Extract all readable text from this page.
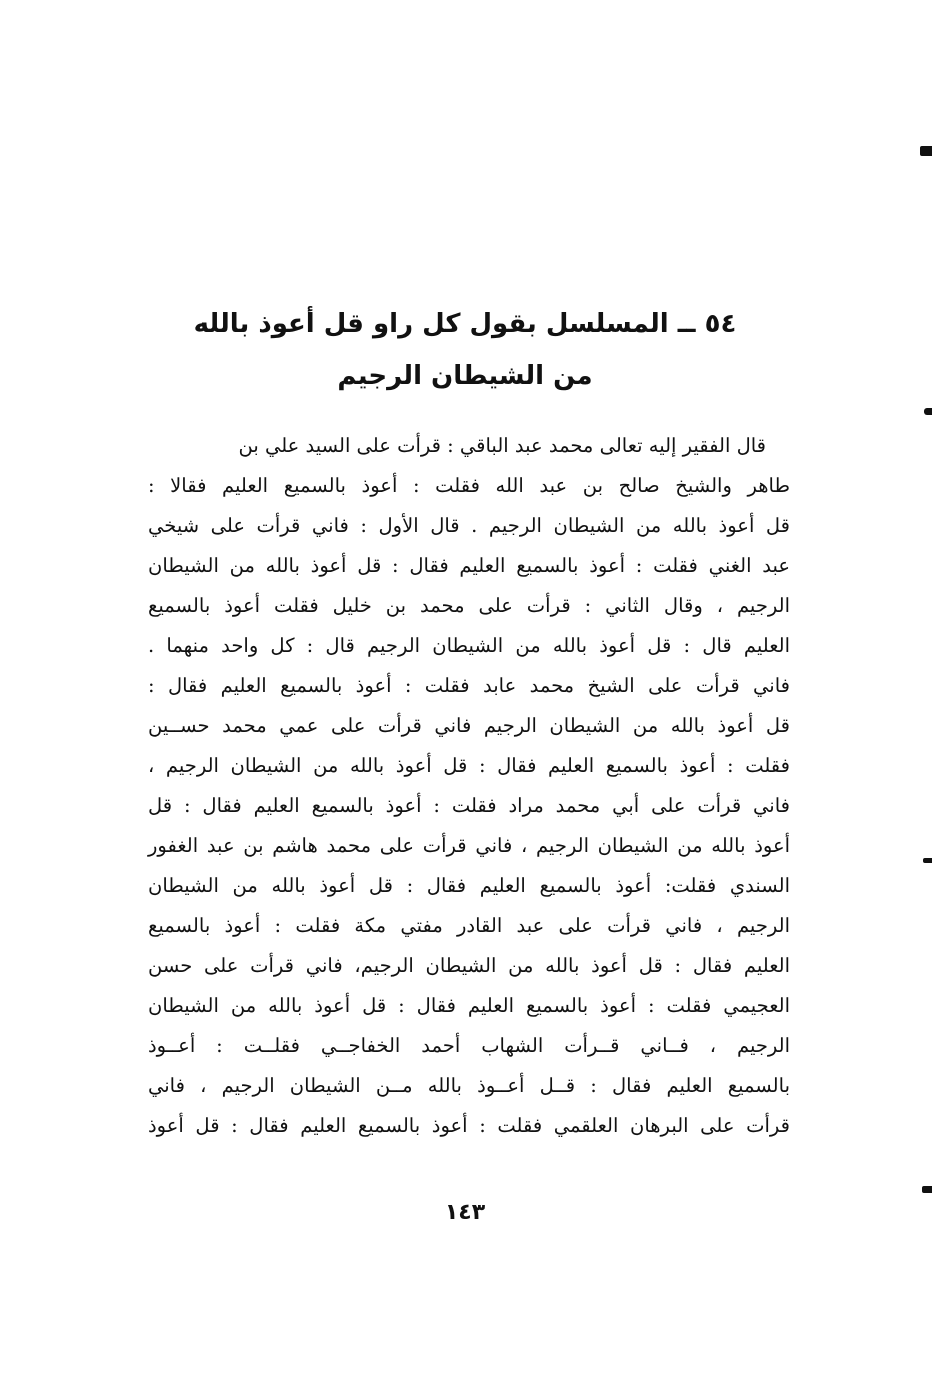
٥٤ ــ المسلسل بقول كل راو قل أعوذ بالله
من الشيطان الرجيم
قال الفقير إليه تعالى محمد عبد الباقي : قرأت على السيد علي بن
طاهر والشيخ صالح بن عبد الله فقلت : أعوذ بالسميع العليم فقالا :
قل أعوذ بالله من الشيطان الرجيم . قال الأول : فاني قرأت على شيخي
عبد الغني فقلت : أعوذ بالسميع العليم فقال : قل أعوذ بالله من الشيطان
الرجيم ، وقال الثاني : قرأت على محمد بن خليل فقلت أعوذ بالسميع
العليم قال : قل أعوذ بالله من الشيطان الرجيم قال : كل واحد منهما .
فاني قرأت على الشيخ محمد عابد فقلت : أعوذ بالسميع العليم فقال :
قل أعوذ بالله من الشيطان الرجيم فاني قرأت على عمي محمد حســين
فقلت : أعوذ بالسميع العليم فقال : قل أعوذ بالله من الشيطان الرجيم ،
فاني قرأت على أبي محمد مراد فقلت : أعوذ بالسميع العليم فقال : قل
أعوذ بالله من الشيطان الرجيم ، فاني قرأت على محمد هاشم بن عبد الغفور
السندي فقلت: أعوذ بالسميع العليم فقال : قل أعوذ بالله من الشيطان
الرجيم ، فاني قرأت على عبد القادر مفتي مكة فقلت : أعوذ بالسميع
العليم فقال : قل أعوذ بالله من الشيطان الرجيم، فاني قرأت على حسن
العجيمي فقلت : أعوذ بالسميع العليم فقال : قل أعوذ بالله من الشيطان
الرجيم ، فــاني قــرأت الشهاب أحمد الخفاجــي فقلــت : أعــوذ
بالسميع العليم فقال : قــل أعــوذ بالله مــن الشيطان الرجيم ، فاني
قرأت على البرهان العلقمي فقلت : أعوذ بالسميع العليم فقال : قل أعوذ
١٤٣
